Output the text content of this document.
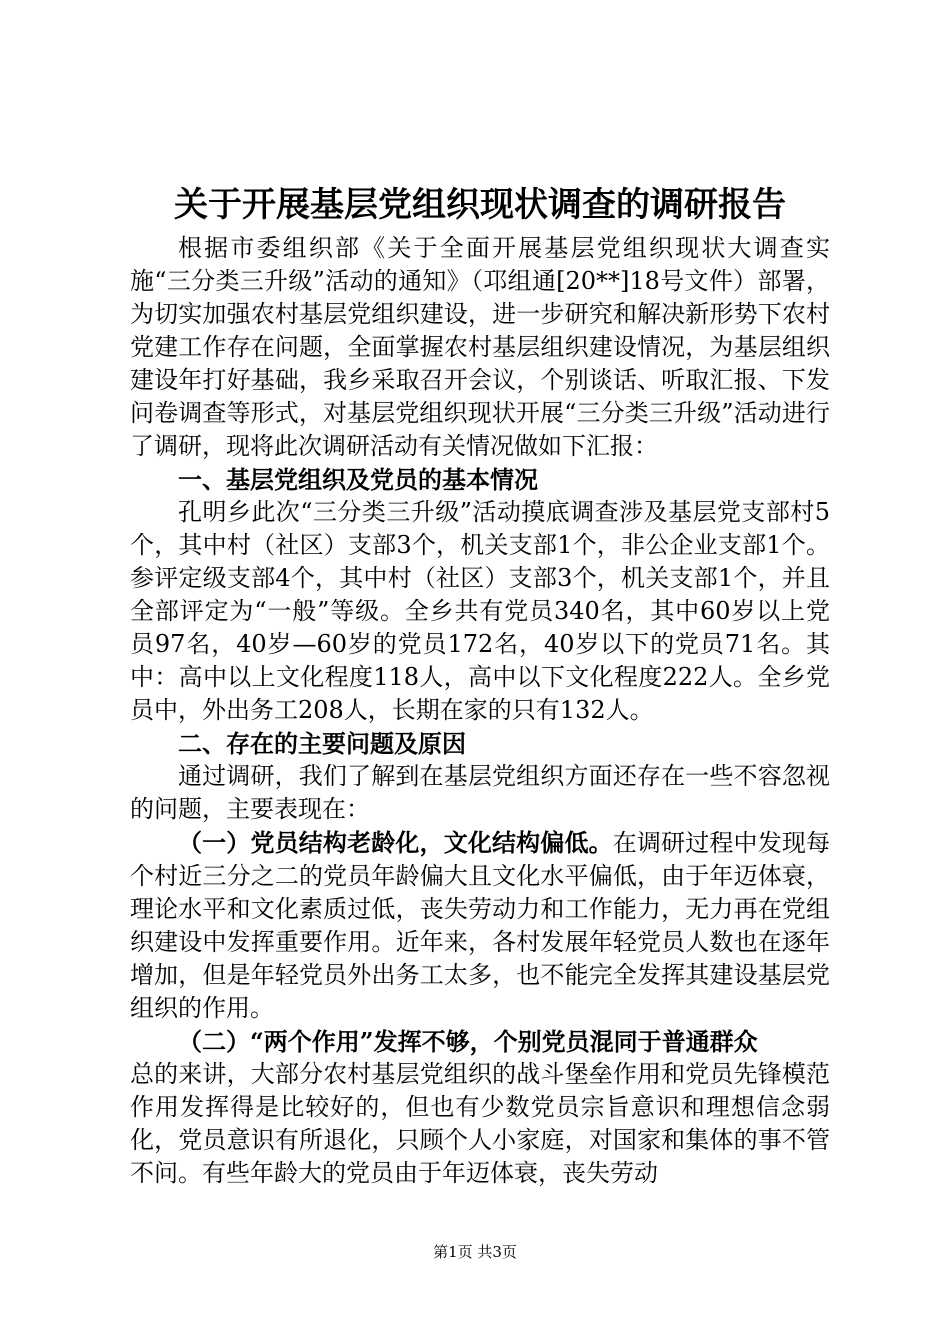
关于开展基层党组织现状调查的调研报告

根据市委组织部《关于全面开展基层党组织现状大调查实施“三分类三升级”活动的通知》（邛组通[20**]18号文件）部署，为切实加强农村基层党组织建设，进一步研究和解决新形势下农村党建工作存在问题，全面掌握农村基层组织建设情况，为基层组织建设年打好基础，我乡采取召开会议，个别谈话、听取汇报、下发问卷调查等形式，对基层党组织现状开展“三分类三升级”活动进行了调研，现将此次调研活动有关情况做如下汇报：

一、基层党组织及党员的基本情况

孔明乡此次“三分类三升级”活动摸底调查涉及基层党支部村5个，其中村（社区）支部3个，机关支部1个，非公企业支部1个。参评定级支部4个，其中村（社区）支部3个，机关支部1个，并且全部评定为“一般”等级。全乡共有党员340名，其中60岁以上党员97名，40岁—60岁的党员172名，40岁以下的党员71名。其中：高中以上文化程度118人，高中以下文化程度222人。全乡党员中，外出务工208人，长期在家的只有132人。

二、存在的主要问题及原因

通过调研，我们了解到在基层党组织方面还存在一些不容忽视的问题，主要表现在：

（一）党员结构老龄化，文化结构偏低。在调研过程中发现每个村近三分之二的党员年龄偏大且文化水平偏低，由于年迈体衰，理论水平和文化素质过低，丧失劳动力和工作能力，无力再在党组织建设中发挥重要作用。近年来，各村发展年轻党员人数也在逐年增加，但是年轻党员外出务工太多，也不能完全发挥其建设基层党组织的作用。

（二）“两个作用”发挥不够，个别党员混同于普通群众

总的来讲，大部分农村基层党组织的战斗堡垒作用和党员先锋模范作用发挥得是比较好的，但也有少数党员宗旨意识和理想信念弱化，党员意识有所退化，只顾个人小家庭，对国家和集体的事不管不问。有些年龄大的党员由于年迈体衰，丧失劳动

第1页 共3页
